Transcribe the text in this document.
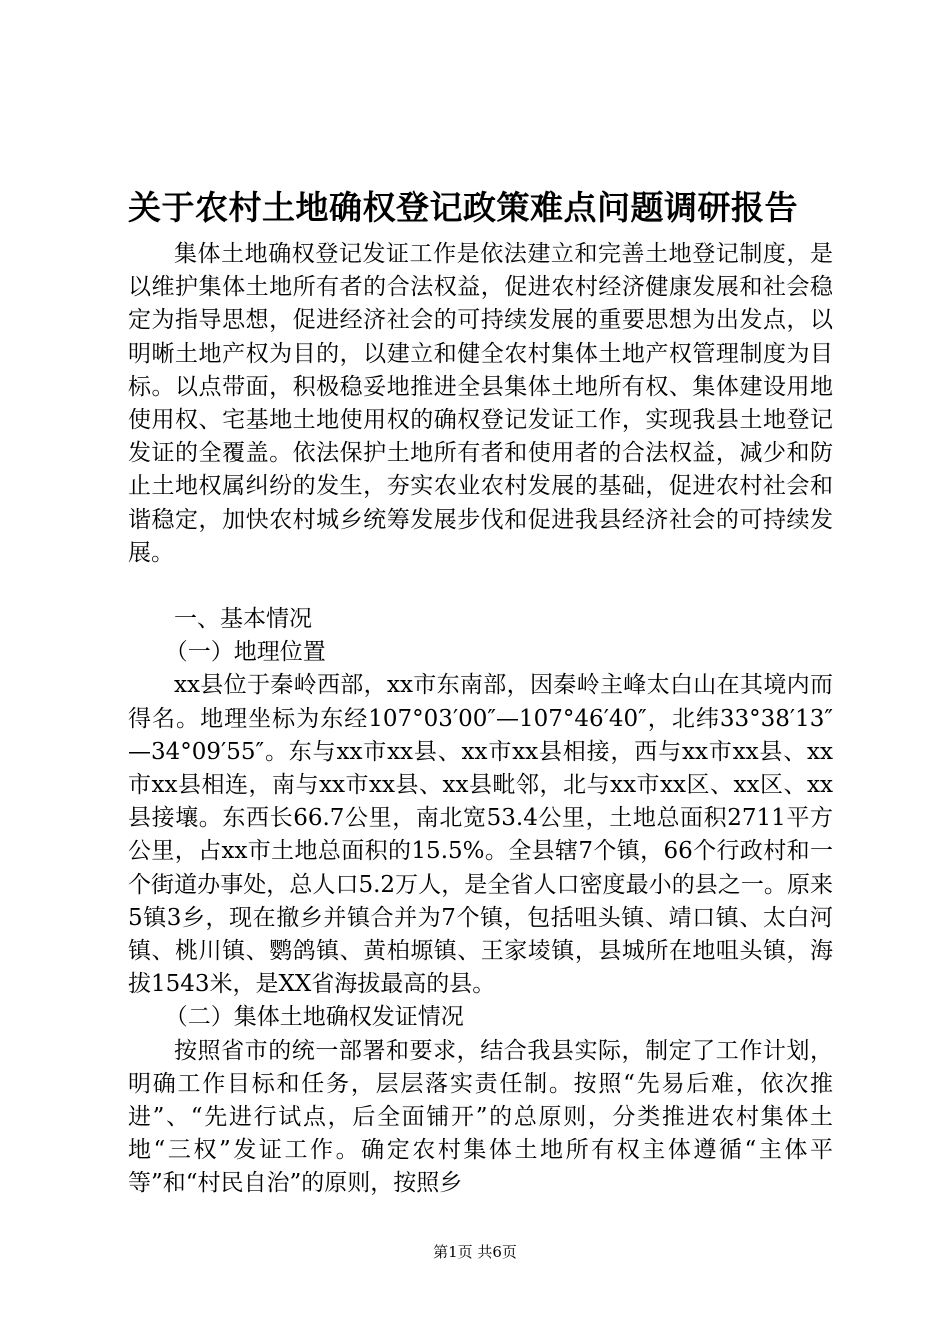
关于农村土地确权登记政策难点问题调研报告

集体土地确权登记发证工作是依法建立和完善土地登记制度，是以维护集体土地所有者的合法权益，促进农村经济健康发展和社会稳定为指导思想，促进经济社会的可持续发展的重要思想为出发点，以明晰土地产权为目的，以建立和健全农村集体土地产权管理制度为目标。以点带面，积极稳妥地推进全县集体土地所有权、集体建设用地使用权、宅基地土地使用权的确权登记发证工作，实现我县土地登记发证的全覆盖。依法保护土地所有者和使用者的合法权益，减少和防止土地权属纠纷的发生，夯实农业农村发展的基础，促进农村社会和谐稳定，加快农村城乡统筹发展步伐和促进我县经济社会的可持续发展。

一、基本情况

（一）地理位置

xx县位于秦岭西部，xx市东南部，因秦岭主峰太白山在其境内而得名。地理坐标为东经107°03′00″—107°46′40″，北纬33°38′13″—34°09′55″。东与xx市xx县、xx市xx县相接，西与xx市xx县、xx市xx县相连，南与xx市xx县、xx县毗邻，北与xx市xx区、xx区、xx县接壤。东西长66.7公里，南北宽53.4公里，土地总面积2711平方公里，占xx市土地总面积的15.5%。全县辖7个镇，66个行政村和一个街道办事处，总人口5.2万人，是全省人口密度最小的县之一。原来5镇3乡，现在撤乡并镇合并为7个镇，包括咀头镇、靖口镇、太白河镇、桃川镇、鹦鸽镇、黄柏塬镇、王家堎镇，县城所在地咀头镇，海拔1543米，是XX省海拔最高的县。

（二）集体土地确权发证情况

按照省市的统一部署和要求，结合我县实际，制定了工作计划，明确工作目标和任务，层层落实责任制。按照“先易后难，依次推进”、“先进行试点，后全面铺开”的总原则，分类推进农村集体土地“三权”发证工作。确定农村集体土地所有权主体遵循“主体平等”和“村民自治”的原则，按照乡

第1页 共6页
